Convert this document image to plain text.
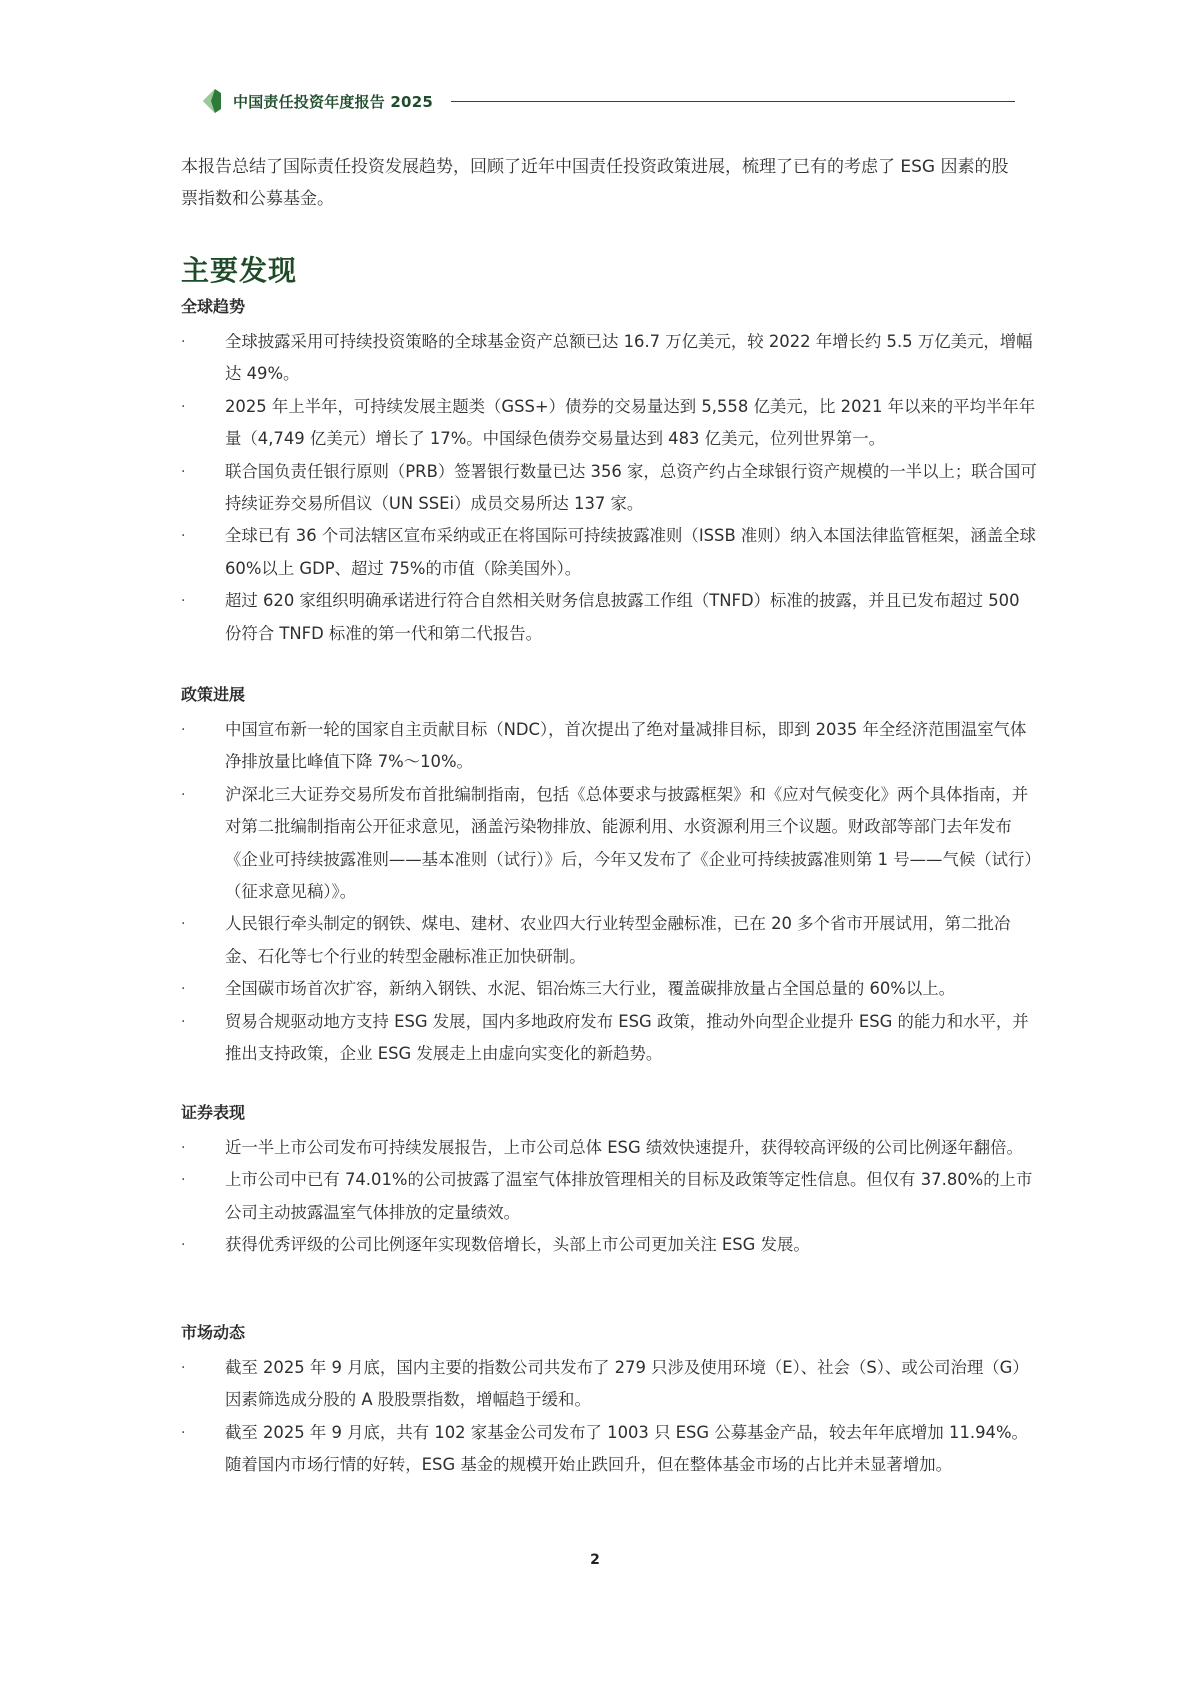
中国责任投资年度报告 2025

本报告总结了国际责任投资发展趋势，回顾了近年中国责任投资政策进展，梳理了已有的考虑了 ESG 因素的股票指数和公募基金。

主要发现
全球趋势
·	全球披露采用可持续投资策略的全球基金资产总额已达 16.7 万亿美元，较 2022 年增长约 5.5 万亿美元，增幅达 49%。
·	2025 年上半年，可持续发展主题类（GSS+）债券的交易量达到 5,558 亿美元，比 2021 年以来的平均半年年量（4,749 亿美元）增长了 17%。中国绿色债券交易量达到 483 亿美元，位列世界第一。
·	联合国负责任银行原则（PRB）签署银行数量已达 356 家，总资产约占全球银行资产规模的一半以上；联合国可持续证券交易所倡议（UN SSEi）成员交易所达 137 家。
·	全球已有 36 个司法辖区宣布采纳或正在将国际可持续披露准则（ISSB 准则）纳入本国法律监管框架，涵盖全球 60%以上 GDP、超过 75%的市值（除美国外）。
·	超过 620 家组织明确承诺进行符合自然相关财务信息披露工作组（TNFD）标准的披露，并且已发布超过 500 份符合 TNFD 标准的第一代和第二代报告。
政策进展
·	中国宣布新一轮的国家自主贡献目标（NDC），首次提出了绝对量减排目标，即到 2035 年全经济范围温室气体净排放量比峰值下降 7%～10%。
·	沪深北三大证券交易所发布首批编制指南，包括《总体要求与披露框架》和《应对气候变化》两个具体指南，并对第二批编制指南公开征求意见，涵盖污染物排放、能源利用、水资源利用三个议题。财政部等部门去年发布《企业可持续披露准则——基本准则（试行）》后，今年又发布了《企业可持续披露准则第 1 号——气候（试行）（征求意见稿）》。
·	人民银行牵头制定的钢铁、煤电、建材、农业四大行业转型金融标准，已在 20 多个省市开展试用，第二批冶金、石化等七个行业的转型金融标准正加快研制。
·	全国碳市场首次扩容，新纳入钢铁、水泥、铝冶炼三大行业，覆盖碳排放量占全国总量的 60%以上。
·	贸易合规驱动地方支持 ESG 发展，国内多地政府发布 ESG 政策，推动外向型企业提升 ESG 的能力和水平，并推出支持政策，企业 ESG 发展走上由虚向实变化的新趋势。
证券表现
·	近一半上市公司发布可持续发展报告，上市公司总体 ESG 绩效快速提升，获得较高评级的公司比例逐年翻倍。
·	上市公司中已有 74.01%的公司披露了温室气体排放管理相关的目标及政策等定性信息。但仅有 37.80%的上市公司主动披露温室气体排放的定量绩效。
·	获得优秀评级的公司比例逐年实现数倍增长，头部上市公司更加关注 ESG 发展。
市场动态
·	截至 2025 年 9 月底，国内主要的指数公司共发布了 279 只涉及使用环境（E）、社会（S）、或公司治理（G）因素筛选成分股的 A 股股票指数，增幅趋于缓和。
·	截至 2025 年 9 月底，共有 102 家基金公司发布了 1003 只 ESG 公募基金产品，较去年年底增加 11.94%。随着国内市场行情的好转，ESG 基金的规模开始止跌回升，但在整体基金市场的占比并未显著增加。
2
